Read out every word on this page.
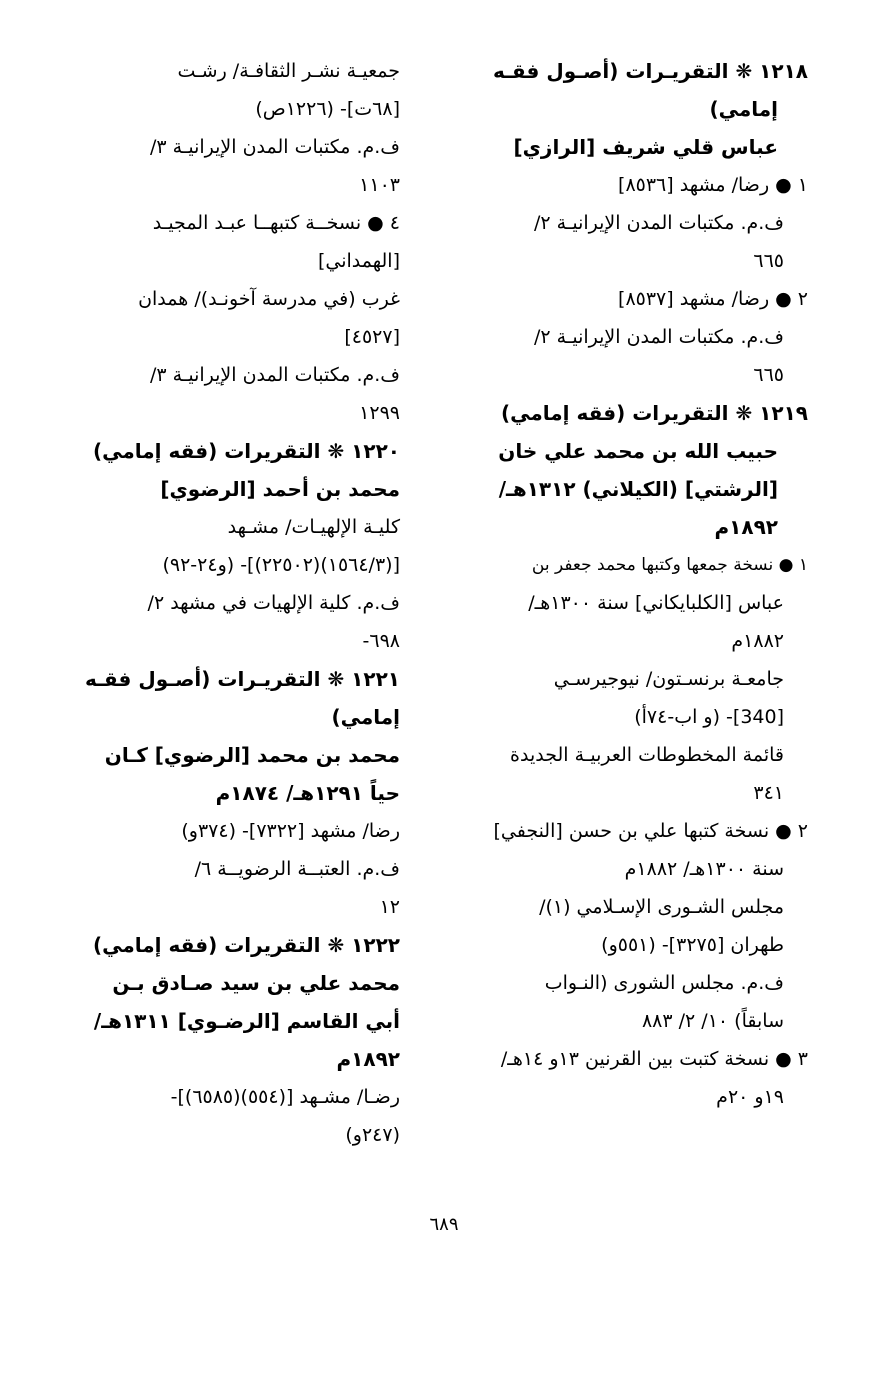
١٢١٨ ❋ التقريـرات (أصـول فقـه
إمامي)
عباس قلي شريف [الرازي]
١ ● رضا/ مشهد [٨٥٣٦]
ف.م. مكتبات المدن الإيرانيـة ٢/
٦٦٥
٢ ● رضا/ مشهد [٨٥٣٧]
ف.م. مكتبات المدن الإيرانيـة ٢/
٦٦٥
١٢١٩ ❋ التقريرات (فقه إمامي)
حبيب الله بن محمد علي خان
[الرشتي] (الكيلاني) ١٣١٢هـ/
١٨٩٢م
١ ● نسخة جمعها وكتبها محمد جعفر بن
عباس [الكلبايكاني] سنة ١٣٠٠هـ/
١٨٨٢م
جامعـة برنسـتون/ نيوجيرسـي
[340]- (و اب-٧٤أ)
قائمة المخطوطات العربيـة الجديدة
٣٤١
٢ ● نسخة كتبها علي بن حسن [النجفي]
سنة ١٣٠٠هـ/ ١٨٨٢م
مجلس الشـورى الإسـلامي (١)/
طهران [٣٢٧٥]- (٥٥١و)
ف.م. مجلس الشورى (النـواب
سابقاً) ١٠/ ٢/ ٨٨٣
٣ ● نسخة كتبت بين القرنين ١٣و ١٤هـ/
١٩و ٢٠م
جمعيـة نشـر الثقافـة/ رشـت
[٦٨ت]- (١٢٢٦ص)
ف.م. مكتبات المدن الإيرانيـة ٣/
١١٠٣
٤ ● نسخــة كتبهــا عبـد المجيـد
[الهمداني]
غرب (في مدرسة آخونـد)/ همدان
[٤٥٢٧]
ف.م. مكتبات المدن الإيرانيـة ٣/
١٢٩٩
١٢٢٠ ❋ التقريرات (فقه إمامي)
محمد بن أحمد [الرضوي]
كليـة الإلهيـات/ مشـهد
[(١٥٦٤/٣)(٢٢٥٠٢)]- (و٢٤-٩٢)
ف.م. كلية الإلهيات في مشهد ٢/
٦٩٨-
١٢٢١ ❋ التقريـرات (أصـول فقـه
إمامي)
محمد بن محمد [الرضوي] كـان
حياً ١٢٩١هـ/ ١٨٧٤م
رضا/ مشهد [٧٣٢٢]- (٣٧٤و)
ف.م. العتبــة الرضويــة ٦/
١٢
١٢٢٢ ❋ التقريرات (فقه إمامي)
محمد علي بن سيد صـادق بـن
أبي القاسم [الرضـوي] ١٣١١هـ/
١٨٩٢م
رضـا/ مشـهد [(٥٥٤)(٦٥٨٥)]-
(٢٤٧و)
٦٨٩
